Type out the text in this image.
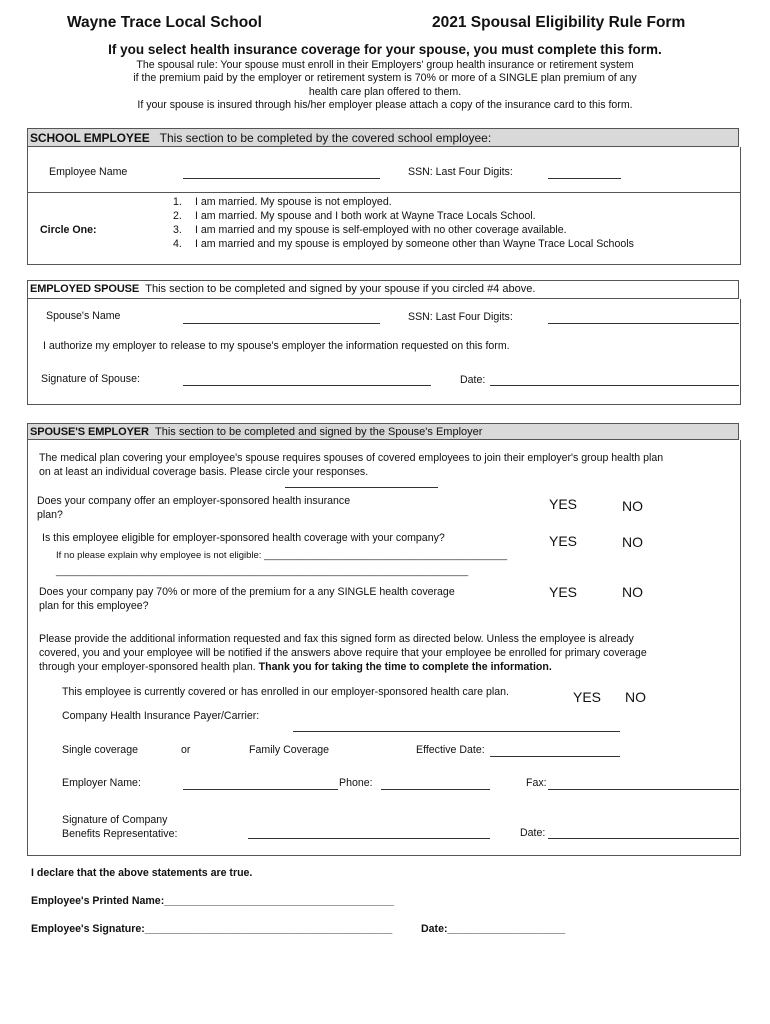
Wayne Trace Local School	2021 Spousal Eligibility Rule Form
If you select health insurance coverage for your spouse, you must complete this form.
The spousal rule: Your spouse must enroll in their Employers' group health insurance or retirement system
if the premium paid by the employer or retirement system is 70% or more of a SINGLE plan premium of any
health care plan offered to them.
If your spouse is insured through his/her employer please attach a copy of the insurance card to this form.
SCHOOL EMPLOYEE This section to be completed by the covered school employee:
Employee Name	SSN: Last Four Digits:
Circle One:
1. I am married. My spouse is not employed.
2. I am married. My spouse and I both work at Wayne Trace Locals School.
3. I am married and my spouse is self-employed with no other coverage available.
4. I am married and my spouse is employed by someone other than Wayne Trace Local Schools
EMPLOYED SPOUSE This section to be completed and signed by your spouse if you circled #4 above.
Spouse's Name	SSN: Last Four Digits:
I authorize my employer to release to my spouse's employer the information requested on this form.
Signature of Spouse:	Date:
SPOUSE'S EMPLOYER This section to be completed and signed by the Spouse's Employer
The medical plan covering your employee's spouse requires spouses of covered employees to join their employer's group health plan
on at least an individual coverage basis. Please circle your responses.
Does your company offer an employer-sponsored health insurance
plan?
YES	NO
Is this employee eligible for employer-sponsored health coverage with your company?	YES	NO
If no please explain why employee is not eligible: ______________________________________________
______________________________________________________________________________
Does your company pay 70% or more of the premium for a any SINGLE health coverage
plan for this employee?
YES	NO
Please provide the additional information requested and fax this signed form as directed below. Unless the employee is already
covered, you and your employee will be notified if the answers above require that your employee be enrolled for primary coverage
through your employer-sponsored health plan. Thank you for taking the time to complete the information.
This employee is currently covered or has enrolled in our employer-sponsored health care plan.	YES NO
Company Health Insurance Payer/Carrier:
Single coverage	or	Family Coverage	Effective Date:
Employer Name:	Phone:	Fax:
Signature of Company
Benefits Representative:	Date:
I declare that the above statements are true.
Employee's Printed Name:_______________________________________
Employee's Signature:__________________________________________	Date:____________________
